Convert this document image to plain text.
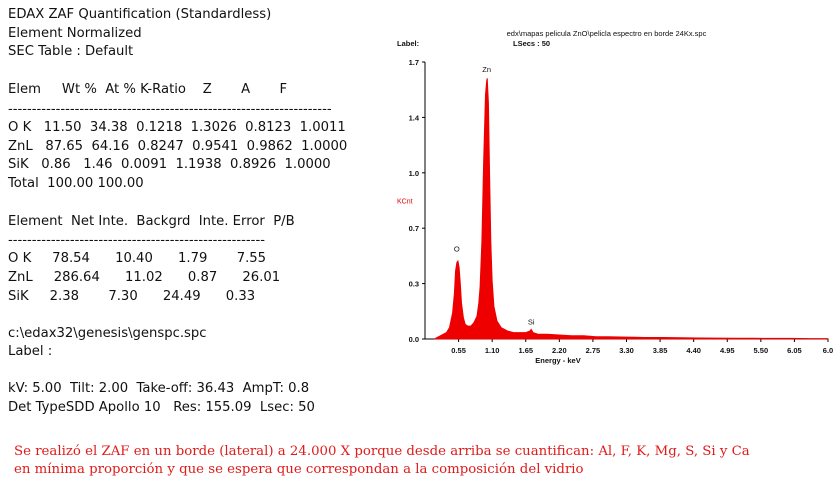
EDAX ZAF Quantification (Standardless)
Element Normalized
SEC Table : Default
Elem     Wt %  At % K-Ratio    Z       A       F
--------------------------------------------------------------------
O K   11.50  34.38  0.1218  1.3026  0.8123  1.0011
ZnL   87.65  64.16  0.8247  0.9541  0.9862  1.0000
SiK   0.86   1.46  0.0091  1.1938  0.8926  1.0000
Total  100.00 100.00
Element  Net Inte.  Backgrd  Inte. Error  P/B
------------------------------------------------------
O K     78.54      10.40      1.79       7.55
ZnL     286.64      11.02      0.87      26.01
SiK     2.38       7.30      24.49      0.33
c:\edax32\genesis\genspc.spc
Label :
kV: 5.00  Tilt: 2.00  Take-off: 36.43  AmpT: 0.8
Det TypeSDD Apollo 10   Res: 155.09  Lsec: 50
edx\mapas pelicula ZnO\pelicla espectro en borde 24Kx.spc
Label:	LSecs : 50
0.0
0.3
0.7
1.0
1.4
1.7
KCnt
0.55	1.10	1.65	2.20	2.75	3.30	3.85	4.40	4.95	5.50	6.05	6.0
Energy - keV
O
Zn
Si
Se realizó el ZAF en un borde (lateral) a 24.000 X porque desde arriba se cuantifican: Al, F, K, Mg, S, Si y Ca
en mínima proporción y que se espera que correspondan a la composición del vidrio
